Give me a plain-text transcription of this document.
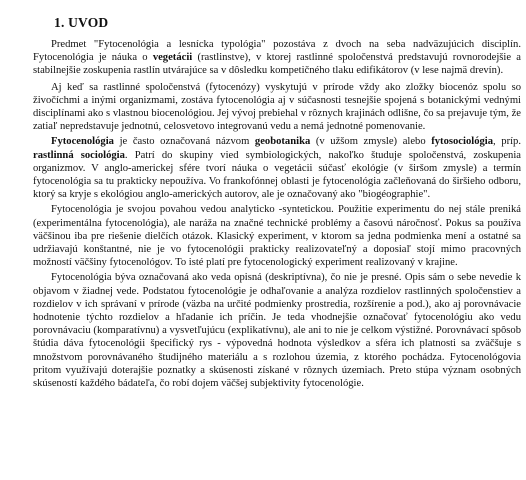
1. UVOD

Predmet "Fytocenológia a lesnícka typológia" pozostáva z dvoch na seba nadväzujúcich disciplín. Fytocenológia je náuka o vegetácii (rastlinstve), v ktorej rastlinné spoločenstvá predstavujú rovnorodejšie a stabilnejšie zoskupenia rastlín utvárajúce sa v dôsledku kompetičného tlaku edifikátorov (v lese najmä drevín).

Aj keď sa rastlinné spoločenstvá (fytocenózy) vyskytujú v prírode vždy ako zložky biocenóz spolu so živočíchmi a inými organizmami, zostáva fytocenológia aj v súčasnosti tesnejšie spojená s botanickými vednými disciplínami ako s vlastnou biocenológiou. Jej vývoj prebiehal v rôznych krajinách odlišne, čo sa prejavuje tým, že zatiaľ nepredstavuje jednotnú, celosvetovo integrovanú vedu a nemá jednotné pomenovanie.

Fytocenológia je často označovaná názvom geobotanika (v užšom zmysle) alebo fytosociológia, príp. rastlinná sociológia. Patrí do skupiny vied symbiologických, nakoľko študuje spoločenstvá, zoskupenia organizmov. V anglo-americkej sfére tvorí náuka o vegetácii súčasť ekológie (v širšom zmysle) a termín fytocenológia sa tu prakticky nepoužíva. Vo frankofónnej oblasti je fytocenológia začleňovaná do širšieho odboru, ktorý sa kryje s ekológiou anglo-amerických autorov, ale je označovaný ako "biogéographie".

Fytocenológia je svojou povahou vedou analyticko -syntetickou. Použitie experimentu do nej stále preniká (experimentálna fytocenológia), ale naráža na značné technické problémy a časovú náročnosť. Pokus sa používa väčšinou iba pre riešenie dielčích otázok. Klasický experiment, v ktorom sa jedna podmienka mení a ostatné sa udržiavajú konštantné, nie je vo fytocenológii prakticky realizovateľný a doposiaľ stojí mimo pracovných možností väčšiny fytocenológov. To isté platí pre fytocenologický experiment realizovaný v krajine.

Fytocenológia býva označovaná ako veda opisná (deskriptívna), čo nie je presné. Opis sám o sebe nevedie k objavom v žiadnej vede. Podstatou fytocenológie je odhaľovanie a analýza rozdielov rastlinných spoločenstiev a rozdielov v ich správaní v prírode (väzba na určité podmienky prostredia, rozšírenie a pod.), ako aj porovnávacie hodnotenie týchto rozdielov a hľadanie ich príčin. Je teda vhodnejšie označovať fytocenológiu ako vedu porovnávaciu (komparatívnu) a vysvetľujúcu (explikatívnu), ale ani to nie je celkom výstižné. Porovnávací spôsob štúdia dáva fytocenológii špecifický rys - výpovedná hodnota výsledkov a sféra ich platnosti sa zväčšuje s množstvom porovnávaného študijného materiálu a s rozlohou územia, z ktorého pochádza. Fytocenológovia pritom využívajú doterajšie poznatky a skúsenosti získané v rôznych územiach. Preto stúpa význam osobných skúseností každého bádateľa, čo robí dojem väčšej subjektivity fytocenológie.
